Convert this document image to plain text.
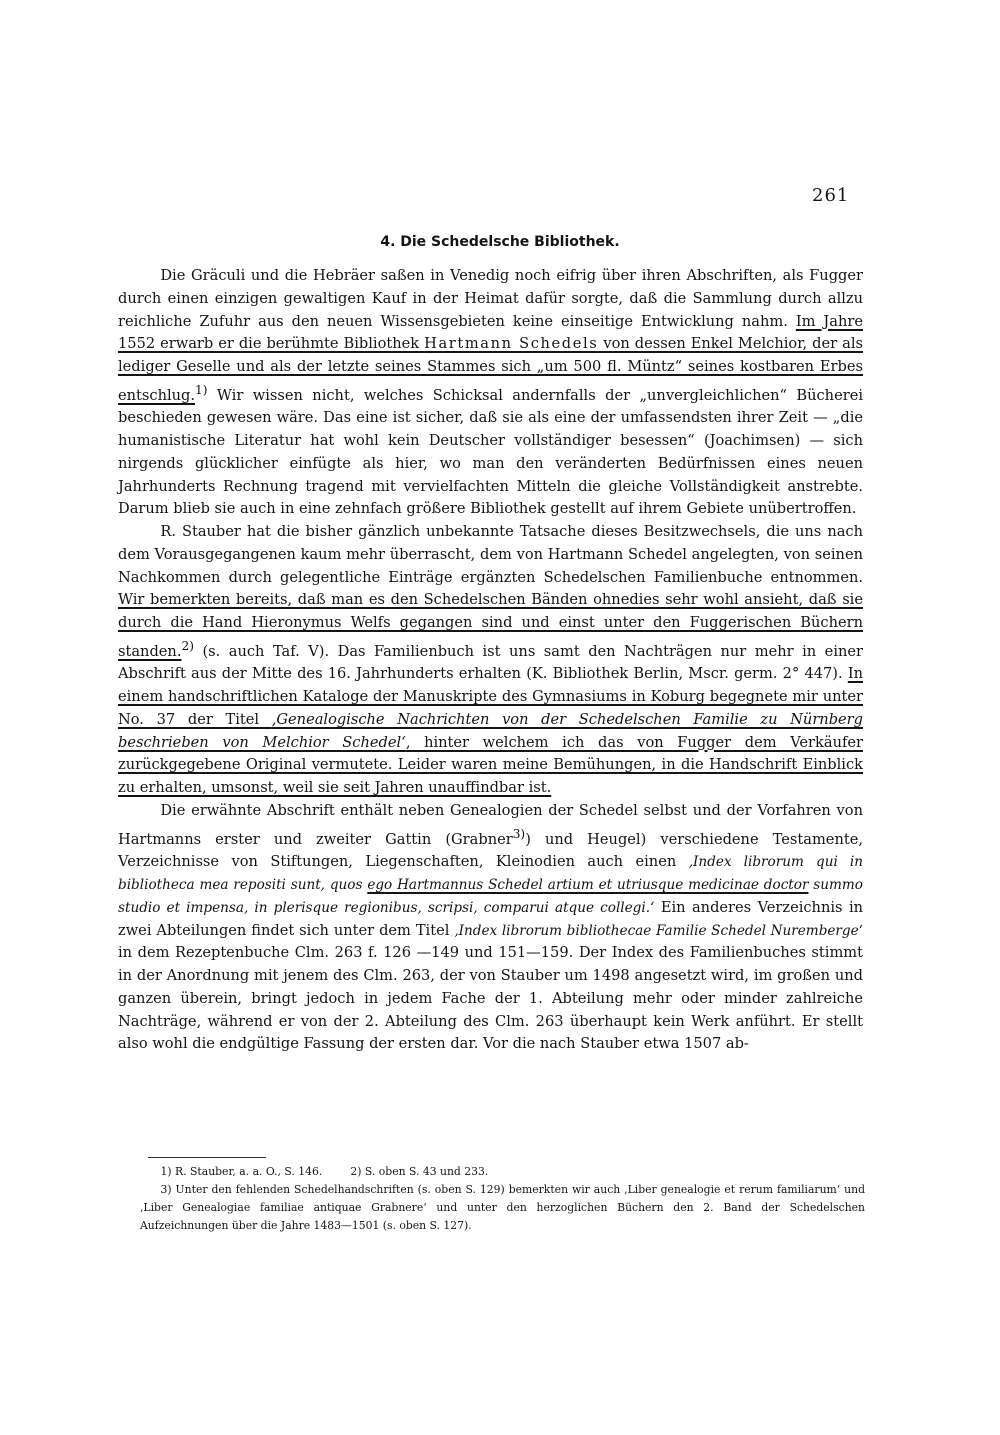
261
4. Die Schedelsche Bibliothek.

Die Gräculi und die Hebräer saßen in Venedig noch eifrig über ihren Abschriften, als Fugger durch einen einzigen gewaltigen Kauf in der Heimat dafür sorgte, daß die Sammlung durch allzu reichliche Zufuhr aus den neuen Wissensgebieten keine einseitige Entwicklung nahm. Im Jahre 1552 erwarb er die berühmte Bibliothek Hartmann Schedels von dessen Enkel Melchior, der als lediger Geselle und als der letzte seines Stammes sich „um 500 fl. Müntz“ seines kostbaren Erbes entschlug.$^{1)}$ Wir wissen nicht, welches Schicksal andernfalls der „unvergleichlichen“ Bücherei beschieden gewesen wäre. Das eine ist sicher, daß sie als eine der umfassendsten ihrer Zeit — „die humanistische Literatur hat wohl kein Deutscher vollständiger besessen“ (Joachimsen) — sich nirgends glücklicher einfügte als hier, wo man den veränderten Bedürfnissen eines neuen Jahrhunderts Rechnung tragend mit vervielfachten Mitteln die gleiche Vollständigkeit anstrebte. Darum blieb sie auch in eine zehnfach größere Bibliothek gestellt auf ihrem Gebiete unübertroffen.

R. Stauber hat die bisher gänzlich unbekannte Tatsache dieses Besitzwechsels, die uns nach dem Vorausgegangenen kaum mehr überrascht, dem von Hartmann Schedel angelegten, von seinen Nachkommen durch gelegentliche Einträge ergänzten Schedelschen Familienbuche entnommen. Wir bemerkten bereits, daß man es den Schedelschen Bänden ohnedies sehr wohl ansieht, daß sie durch die Hand Hieronymus Welfs gegangen sind und einst unter den Fuggerischen Büchern standen.$^{2)}$ (s. auch Taf. V). Das Familienbuch ist uns samt den Nachträgen nur mehr in einer Abschrift aus der Mitte des 16. Jahrhunderts erhalten (K. Bibliothek Berlin, Mscr. germ. 2° 447). In einem handschriftlichen Kataloge der Manuskripte des Gymnasiums in Koburg begegnete mir unter No. 37 der Titel ‚Genealogische Nachrichten von der Schedelschen Familie zu Nürnberg beschrieben von Melchior Schedel‘, hinter welchem ich das von Fugger dem Verkäufer zurückgegebene Original vermutete. Leider waren meine Bemühungen, in die Handschrift Einblick zu erhalten, umsonst, weil sie seit Jahren unauffindbar ist.

Die erwähnte Abschrift enthält neben Genealogien der Schedel selbst und der Vorfahren von Hartmanns erster und zweiter Gattin (Grabner$^{3)}$) und Heugel) verschiedene Testamente, Verzeichnisse von Stiftungen, Liegenschaften, Kleinodien auch einen ‚Index librorum qui in bibliotheca mea repositi sunt, quos ego Hartmannus Schedel artium et utriusque medicinae doctor summo studio et impensa, in plerisque regionibus, scripsi, comparui atque collegi.‘ Ein anderes Verzeichnis in zwei Abteilungen findet sich unter dem Titel ‚Index librorum bibliothecae Familie Schedel Nuremberge‘ in dem Rezeptenbuche Clm. 263 f. 126 —149 und 151—159. Der Index des Familienbuches stimmt in der Anordnung mit jenem des Clm. 263, der von Stauber um 1498 angesetzt wird, im großen und ganzen überein, bringt jedoch in jedem Fache der 1. Abteilung mehr oder minder zahlreiche Nachträge, während er von der 2. Abteilung des Clm. 263 überhaupt kein Werk anführt. Er stellt also wohl die endgültige Fassung der ersten dar. Vor die nach Stauber etwa 1507 ab-

1) R. Stauber, a. a. O., S. 146.	2) S. oben S. 43 und 233.

3) Unter den fehlenden Schedelhandschriften (s. oben S. 129) bemerkten wir auch ‚Liber genealogie et rerum familiarum‘ und ‚Liber Genealogiae familiae antiquae Grabnere‘ und unter den herzoglichen Büchern den 2. Band der Schedelschen Aufzeichnungen über die Jahre 1483—1501 (s. oben S. 127).
